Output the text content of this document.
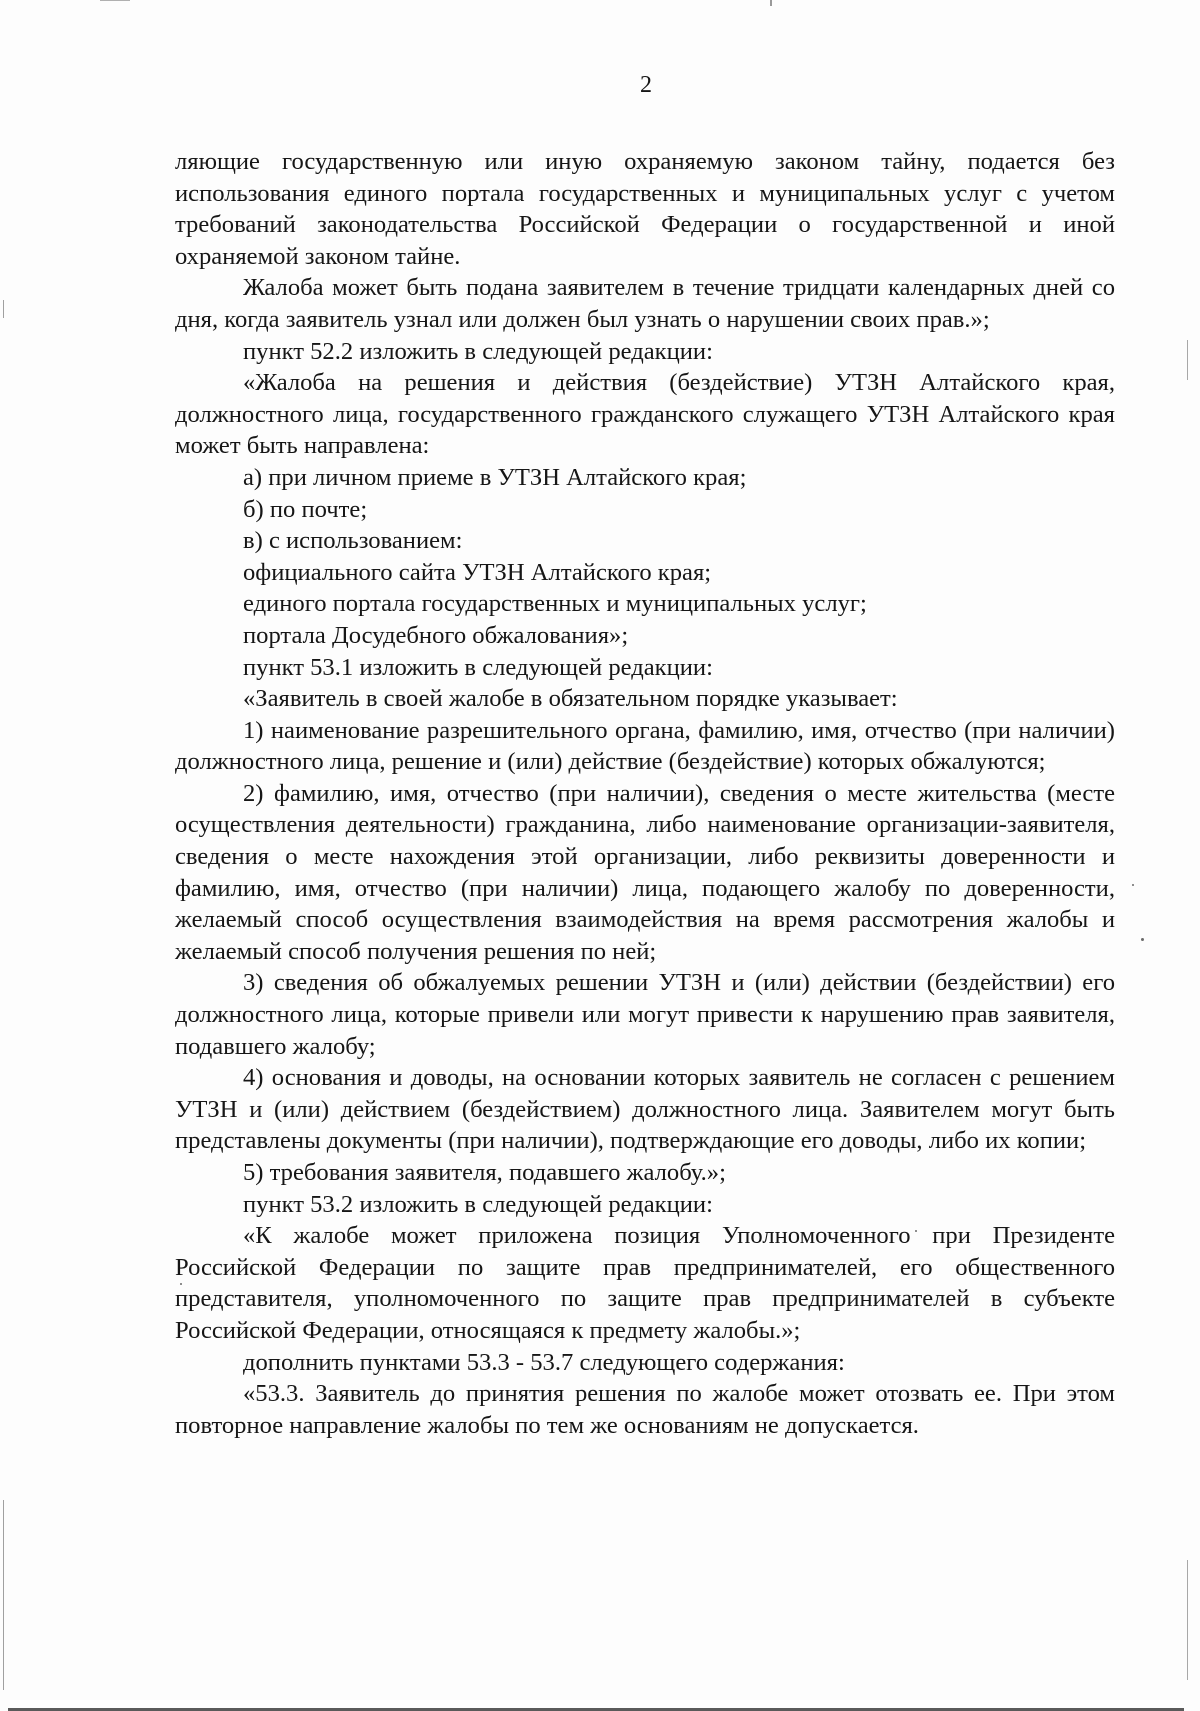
2

ляющие государственную или иную охраняемую законом тайну, подается без использования единого портала государственных и муниципальных услуг с учетом требований законодательства Российской Федерации о государственной и иной охраняемой законом тайне.

Жалоба может быть подана заявителем в течение тридцати календарных дней со дня, когда заявитель узнал или должен был узнать о нарушении своих прав.»;

пункт 52.2 изложить в следующей редакции:

«Жалоба на решения и действия (бездействие) УТЗН Алтайского края, должностного лица, государственного гражданского служащего УТЗН Алтайского края может быть направлена:

а) при личном приеме в УТЗН Алтайского края;

б) по почте;

в) с использованием:

официального сайта УТЗН Алтайского края;

единого портала государственных и муниципальных услуг;

портала Досудебного обжалования»;

пункт 53.1 изложить в следующей редакции:

«Заявитель в своей жалобе в обязательном порядке указывает:

1) наименование разрешительного органа, фамилию, имя, отчество (при наличии) должностного лица, решение и (или) действие (бездействие) которых обжалуются;

2) фамилию, имя, отчество (при наличии), сведения о месте жительства (месте осуществления деятельности) гражданина, либо наименование организации-заявителя, сведения о месте нахождения этой организации, либо реквизиты доверенности и фамилию, имя, отчество (при наличии) лица, подающего жалобу по доверенности, желаемый способ осуществления взаимодействия на время рассмотрения жалобы и желаемый способ получения решения по ней;

3) сведения об обжалуемых решении УТЗН и (или) действии (бездействии) его должностного лица, которые привели или могут привести к нарушению прав заявителя, подавшего жалобу;

4) основания и доводы, на основании которых заявитель не согласен с решением УТЗН и (или) действием (бездействием) должностного лица. Заявителем могут быть представлены документы (при наличии), подтверждающие его доводы, либо их копии;

5) требования заявителя, подавшего жалобу.»;

пункт 53.2 изложить в следующей редакции:

«К жалобе может приложена позиция Уполномоченного при Президенте Российской Федерации по защите прав предпринимателей, его общественного представителя, уполномоченного по защите прав предпринимателей в субъекте Российской Федерации, относящаяся к предмету жалобы.»;

дополнить пунктами 53.3 - 53.7 следующего содержания:

«53.3. Заявитель до принятия решения по жалобе может отозвать ее. При этом повторное направление жалобы по тем же основаниям не допускается.
